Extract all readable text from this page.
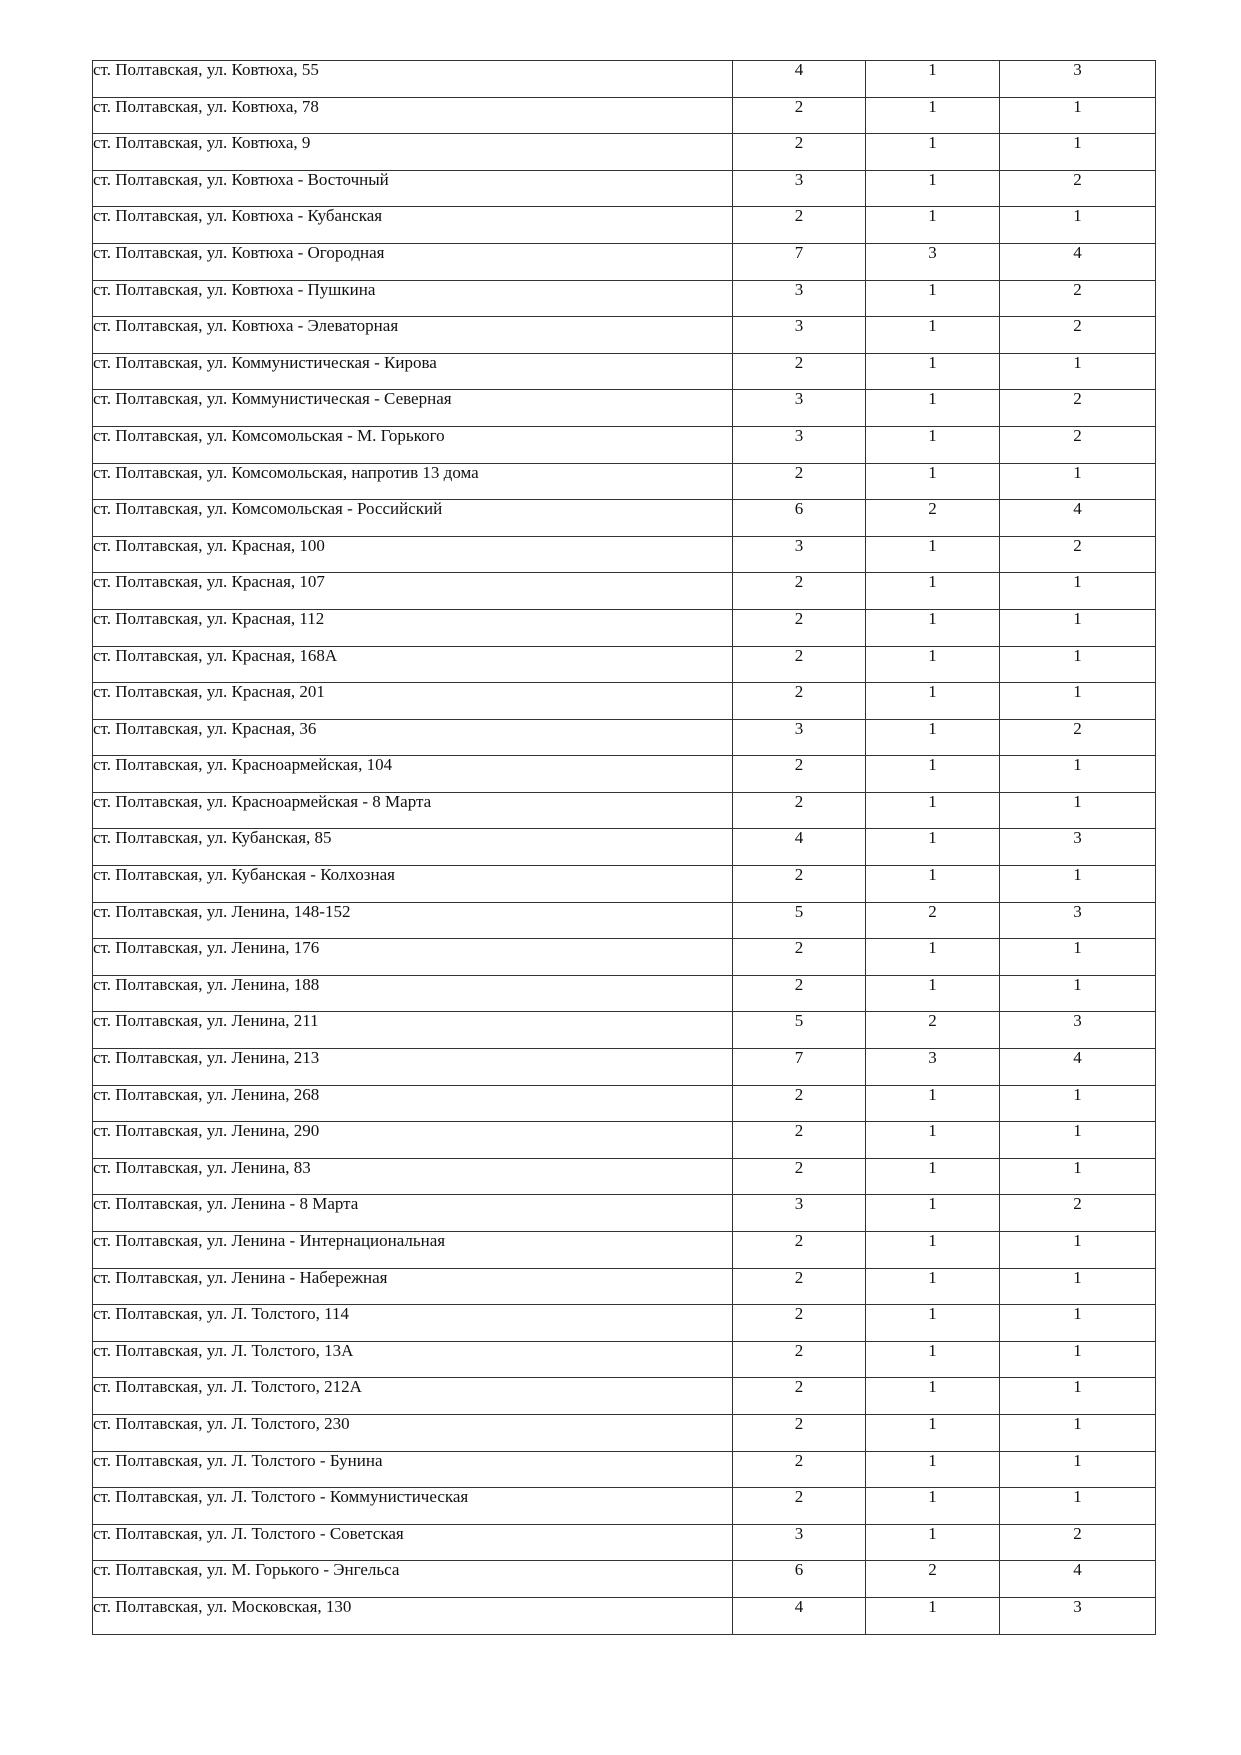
ст. Полтавская, ул. Ковтюха, 55	4	1	3
ст. Полтавская, ул. Ковтюха, 78	2	1	1
ст. Полтавская, ул. Ковтюха, 9	2	1	1
ст. Полтавская, ул. Ковтюха - Восточный	3	1	2
ст. Полтавская, ул. Ковтюха - Кубанская	2	1	1
ст. Полтавская, ул. Ковтюха - Огородная	7	3	4
ст. Полтавская, ул. Ковтюха - Пушкина	3	1	2
ст. Полтавская, ул. Ковтюха - Элеваторная	3	1	2
ст. Полтавская, ул. Коммунистическая - Кирова	2	1	1
ст. Полтавская, ул. Коммунистическая - Северная	3	1	2
ст. Полтавская, ул. Комсомольская - М. Горького	3	1	2
ст. Полтавская, ул. Комсомольская, напротив 13 дома	2	1	1
ст. Полтавская, ул. Комсомольская - Российский	6	2	4
ст. Полтавская, ул. Красная, 100	3	1	2
ст. Полтавская, ул. Красная, 107	2	1	1
ст. Полтавская, ул. Красная, 112	2	1	1
ст. Полтавская, ул. Красная, 168А	2	1	1
ст. Полтавская, ул. Красная, 201	2	1	1
ст. Полтавская, ул. Красная, 36	3	1	2
ст. Полтавская, ул. Красноармейская, 104	2	1	1
ст. Полтавская, ул. Красноармейская - 8 Марта	2	1	1
ст. Полтавская, ул. Кубанская, 85	4	1	3
ст. Полтавская, ул. Кубанская - Колхозная	2	1	1
ст. Полтавская, ул. Ленина, 148-152	5	2	3
ст. Полтавская, ул. Ленина, 176	2	1	1
ст. Полтавская, ул. Ленина, 188	2	1	1
ст. Полтавская, ул. Ленина, 211	5	2	3
ст. Полтавская, ул. Ленина, 213	7	3	4
ст. Полтавская, ул. Ленина, 268	2	1	1
ст. Полтавская, ул. Ленина, 290	2	1	1
ст. Полтавская, ул. Ленина, 83	2	1	1
ст. Полтавская, ул. Ленина - 8 Марта	3	1	2
ст. Полтавская, ул. Ленина - Интернациональная	2	1	1
ст. Полтавская, ул. Ленина - Набережная	2	1	1
ст. Полтавская, ул. Л. Толстого, 114	2	1	1
ст. Полтавская, ул. Л. Толстого, 13А	2	1	1
ст. Полтавская, ул. Л. Толстого, 212А	2	1	1
ст. Полтавская, ул. Л. Толстого, 230	2	1	1
ст. Полтавская, ул. Л. Толстого - Бунина	2	1	1
ст. Полтавская, ул. Л. Толстого - Коммунистическая	2	1	1
ст. Полтавская, ул. Л. Толстого - Советская	3	1	2
ст. Полтавская, ул. М. Горького - Энгельса	6	2	4
ст. Полтавская, ул. Московская, 130	4	1	3
